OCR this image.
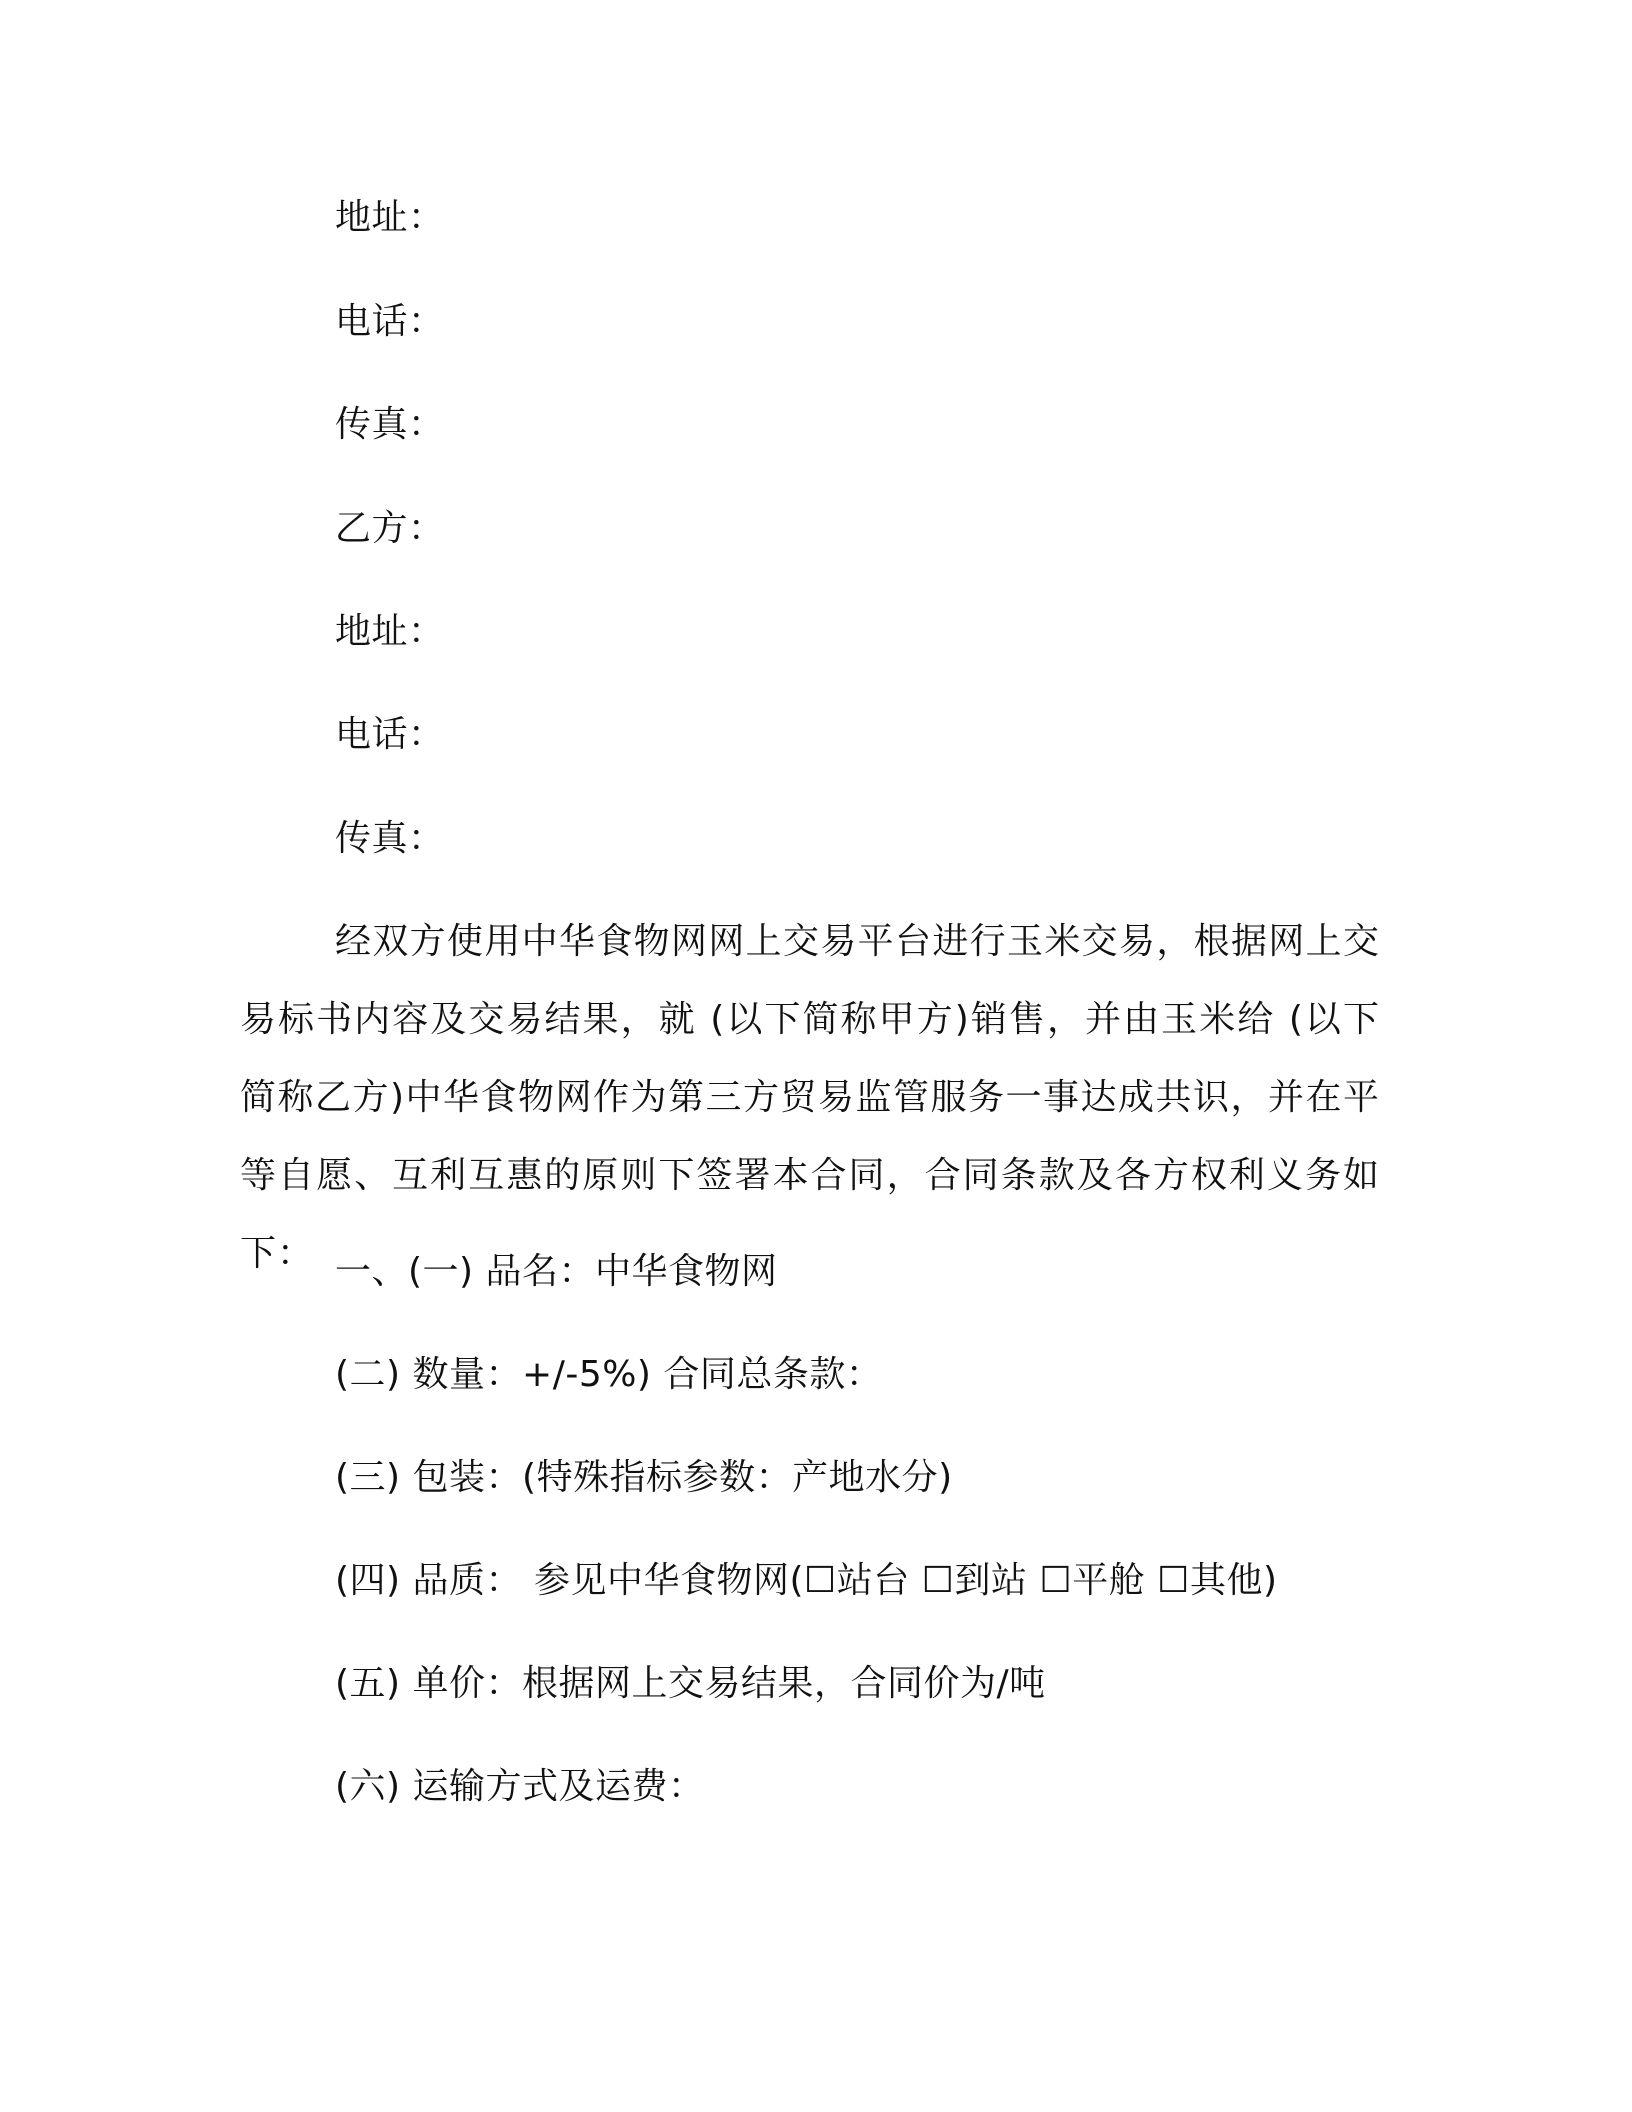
地址：
电话：
传真：
乙方：
地址：
电话：
传真：
经双方使用中华食物网网上交易平台进行玉米交易，根据网上交易标书内容及交易结果，就 (以下简称甲方)销售，并由玉米给 (以下简称乙方)中华食物网作为第三方贸易监管服务一事达成共识，并在平等自愿、互利互惠的原则下签署本合同，合同条款及各方权利义务如下： 一、(一) 品名：中华食物网
(二) 数量：+/-5%) 合同总条款：
(三) 包装：(特殊指标参数：产地水分)
(四) 品质： 参见中华食物网(☐站台 ☐到站 ☐平舱 ☐其他)
(五) 单价：根据网上交易结果，合同价为/吨
(六) 运输方式及运费：
